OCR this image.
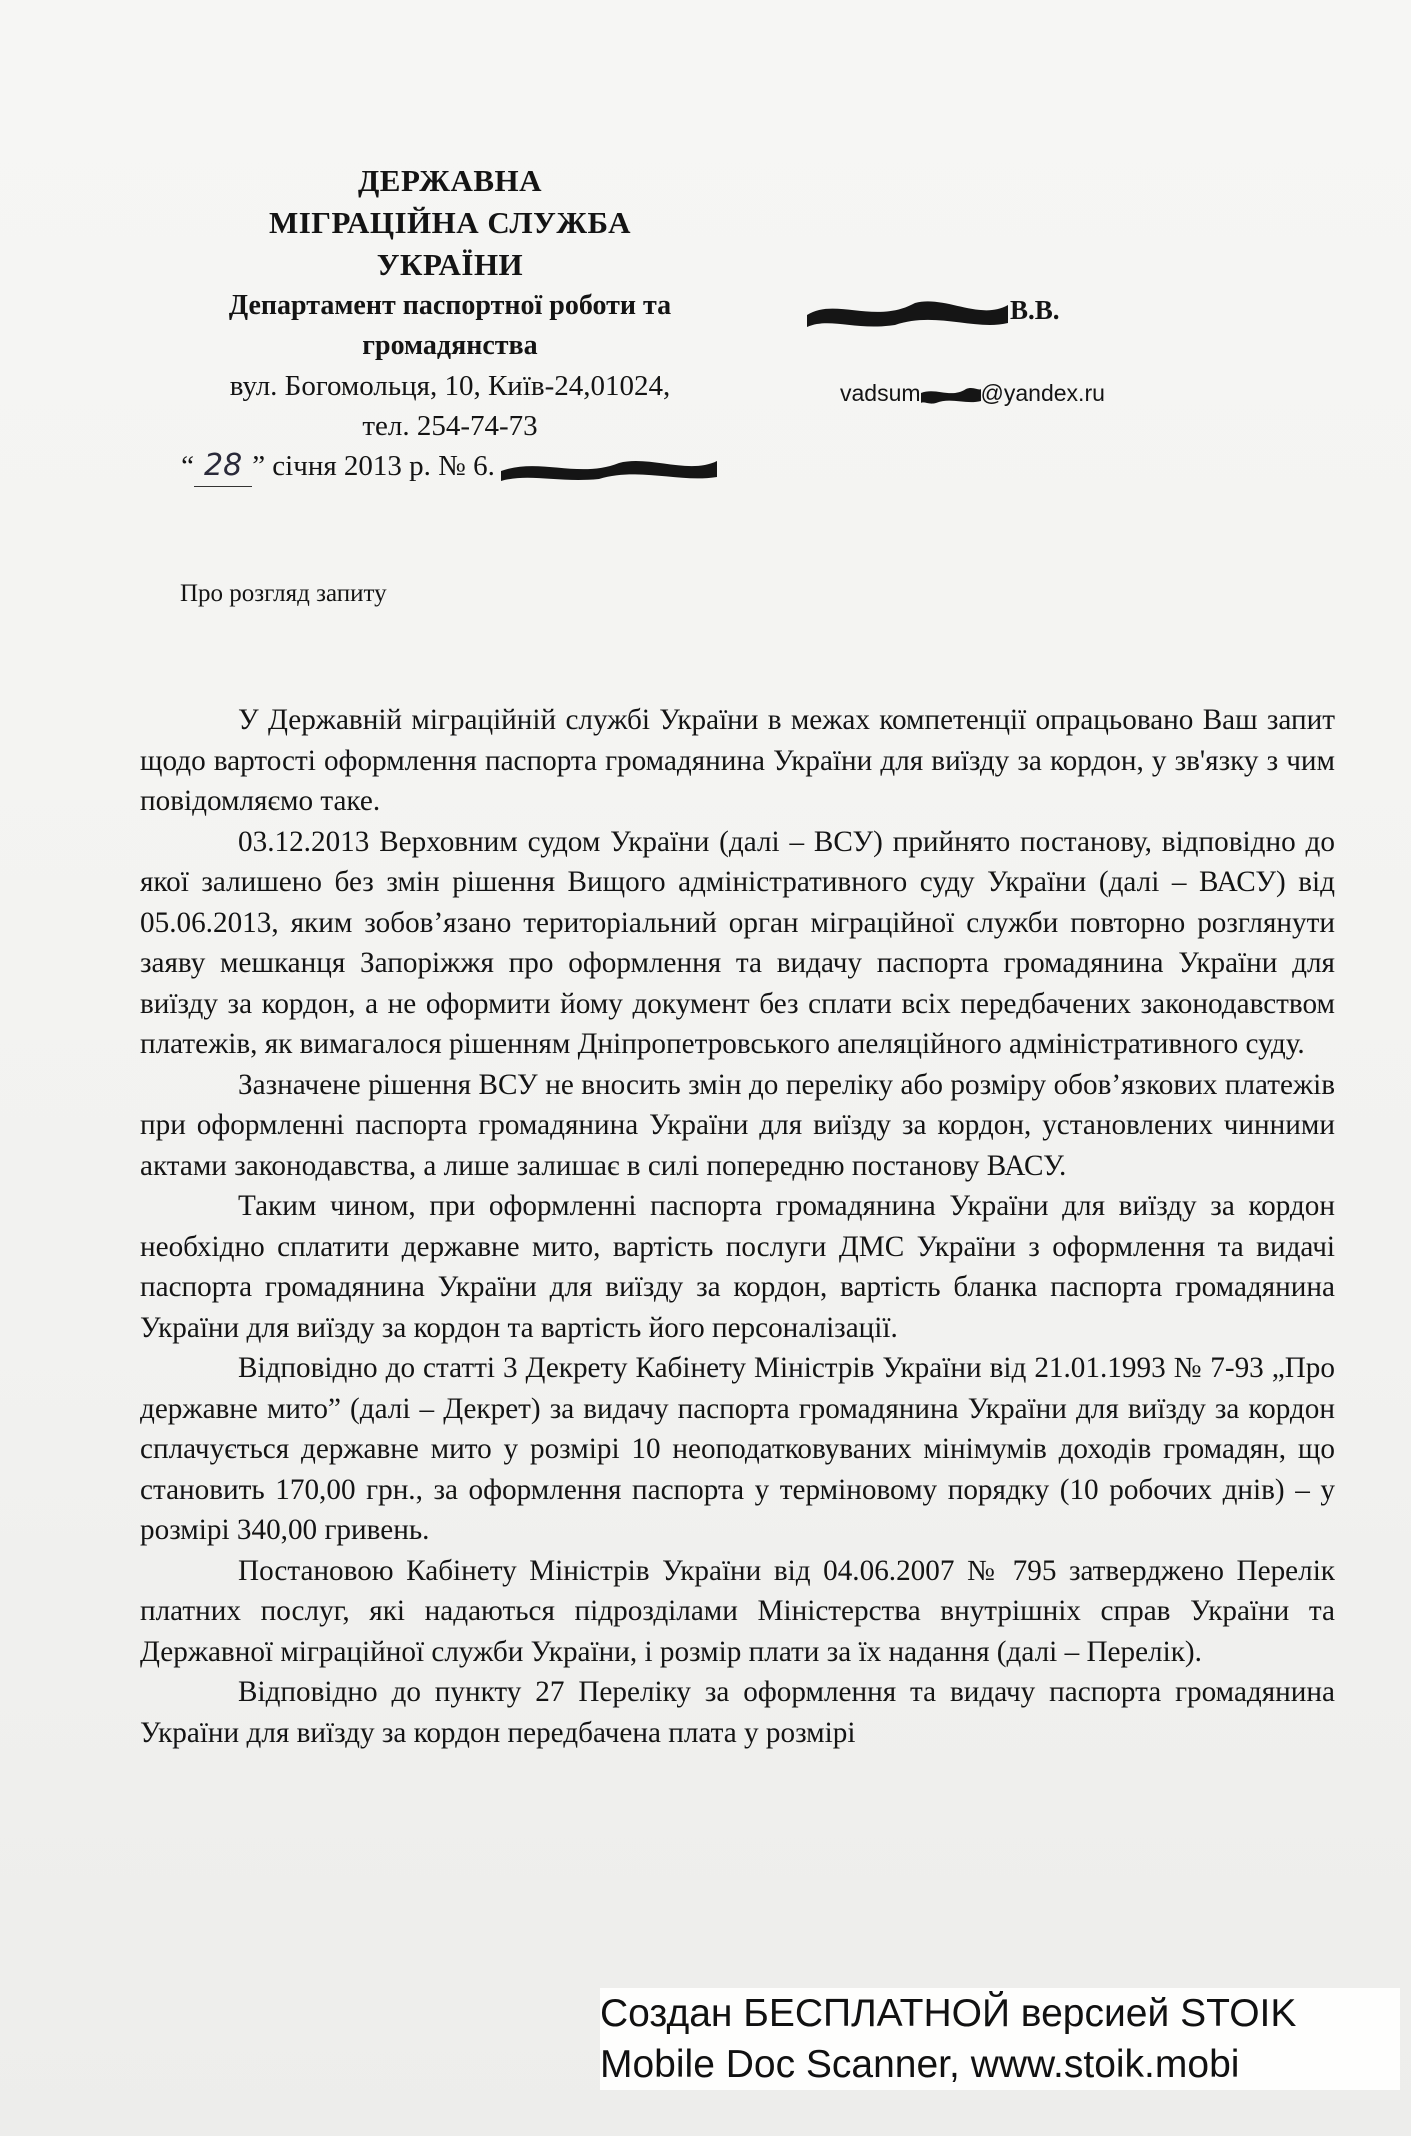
ДЕРЖАВНА
МІГРАЦІЙНА СЛУЖБА
УКРАЇНИ
Департамент паспортної роботи та
громадянства
вул. Богомольця, 10, Київ-24,01024,
тел. 254-74-73
“ 28 ” січня 2013 р. № 6.
В.В.
vadsum	@yandex.ru
Про розгляд запиту

У Державній міграційній службі України в межах компетенції опрацьовано Ваш запит щодо вартості оформлення паспорта громадянина України для виїзду за кордон, у зв'язку з чим повідомляємо таке.

03.12.2013 Верховним судом України (далі – ВСУ) прийнято постанову, відповідно до якої залишено без змін рішення Вищого адміністративного суду України (далі – ВАСУ) від 05.06.2013, яким зобов’язано територіальний орган міграційної служби повторно розглянути заяву мешканця Запоріжжя про оформлення та видачу паспорта громадянина України для виїзду за кордон, а не оформити йому документ без сплати всіх передбачених законодавством платежів, як вимагалося рішенням Дніпропетровського апеляційного адміністративного суду.

Зазначене рішення ВСУ не вносить змін до переліку або розміру обов’язкових платежів при оформленні паспорта громадянина України для виїзду за кордон, установлених чинними актами законодавства, а лише залишає в силі попередню постанову ВАСУ.

Таким чином, при оформленні паспорта громадянина України для виїзду за кордон необхідно сплатити державне мито, вартість послуги ДМС України з оформлення та видачі паспорта громадянина України для виїзду за кордон, вартість бланка паспорта громадянина України для виїзду за кордон та вартість його персоналізації.

Відповідно до статті 3 Декрету Кабінету Міністрів України від 21.01.1993 № 7-93 „Про державне мито” (далі – Декрет) за видачу паспорта громадянина України для виїзду за кордон сплачується державне мито у розмірі 10 неоподатковуваних мінімумів доходів громадян, що становить 170,00 грн., за оформлення паспорта у терміновому порядку (10 робочих днів) – у розмірі 340,00 гривень.

Постановою Кабінету Міністрів України від 04.06.2007 № 795 затверджено Перелік платних послуг, які надаються підрозділами Міністерства внутрішніх справ України та Державної міграційної служби України, і розмір плати за їх надання (далі – Перелік).

Відповідно до пункту 27 Переліку за оформлення та видачу паспорта громадянина України для виїзду за кордон передбачена плата у розмірі

Создан БЕСПЛАТНОЙ версией STOIK
Mobile Doc Scanner, www.stoik.mobi
